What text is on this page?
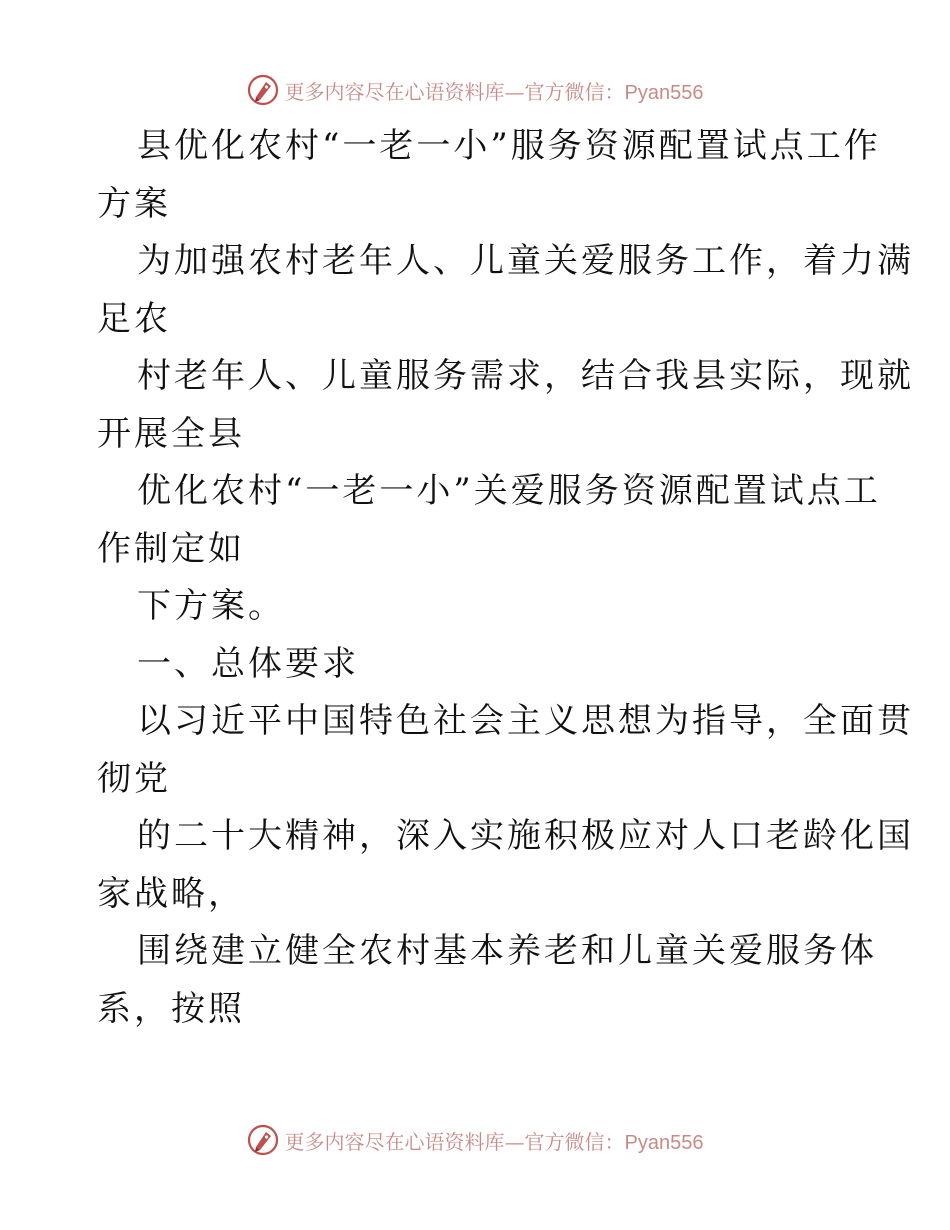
更多内容尽在心语资料库—官方微信：Pyan556
县优化农村“一老一小”服务资源配置试点工作
方案
为加强农村老年人、儿童关爱服务工作，着力满
足农
村老年人、儿童服务需求，结合我县实际，现就
开展全县
优化农村“一老一小”关爱服务资源配置试点工
作制定如
下方案。
一、总体要求
以习近平中国特色社会主义思想为指导，全面贯
彻党
的二十大精神，深入实施积极应对人口老龄化国
家战略，
围绕建立健全农村基本养老和儿童关爱服务体
系，按照
更多内容尽在心语资料库—官方微信：Pyan556
